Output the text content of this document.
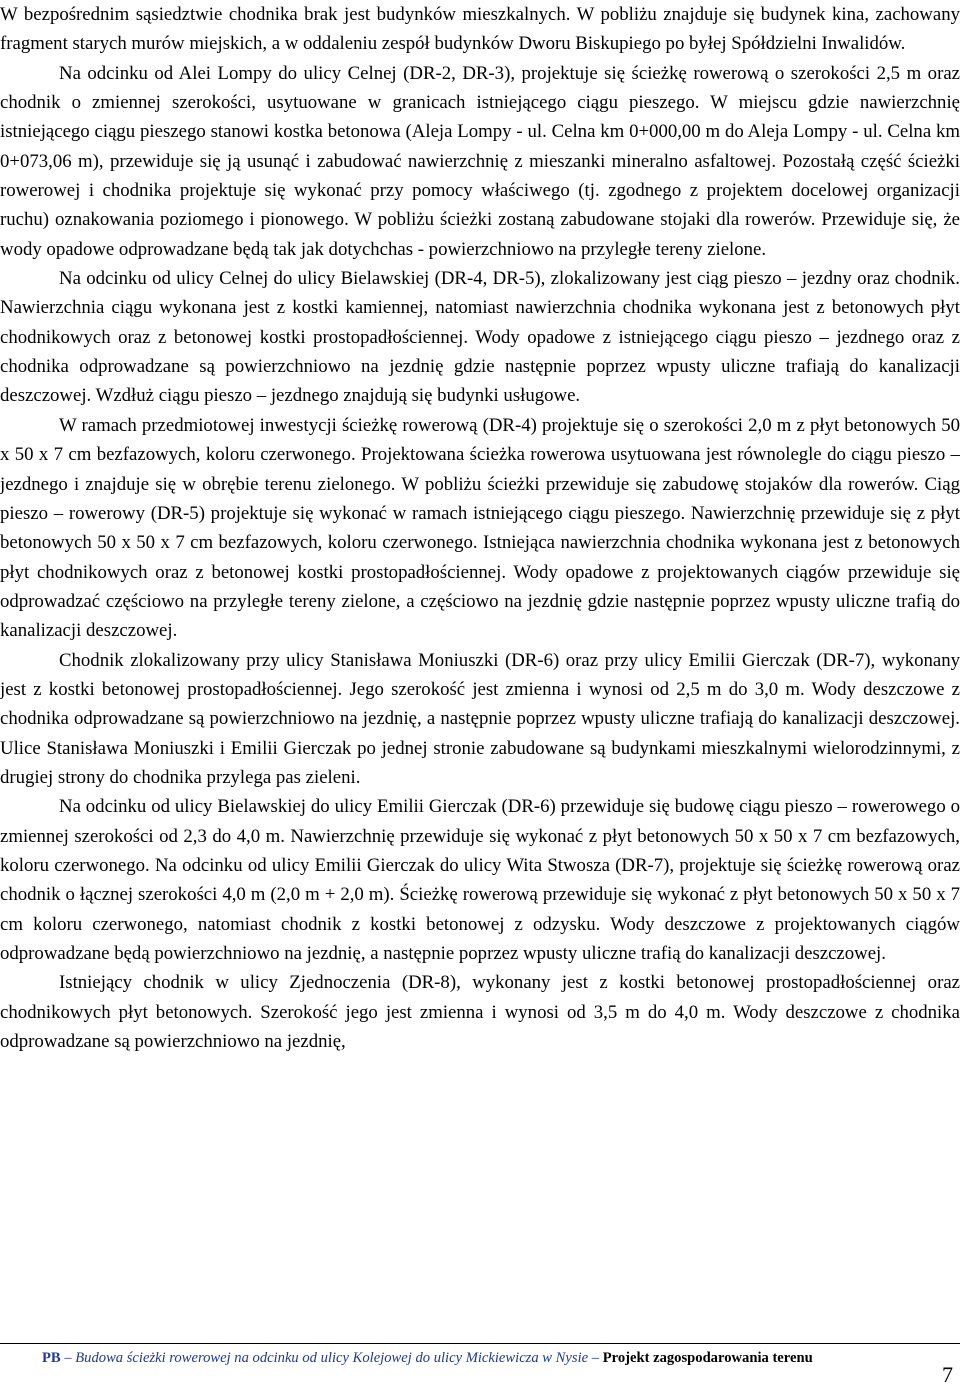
W bezpośrednim sąsiedztwie chodnika brak jest budynków mieszkalnych. W pobliżu znajduje się budynek kina, zachowany fragment starych murów miejskich, a w oddaleniu zespół budynków Dworu Biskupiego po byłej Spółdzielni Inwalidów.

Na odcinku od Alei Lompy do ulicy Celnej (DR-2, DR-3), projektuje się ścieżkę rowerową o szerokości 2,5 m oraz chodnik o zmiennej szerokości, usytuowane w granicach istniejącego ciągu pieszego. W miejscu gdzie nawierzchnię istniejącego ciągu pieszego stanowi kostka betonowa (Aleja Lompy - ul. Celna km 0+000,00 m do Aleja Lompy - ul. Celna km 0+073,06 m), przewiduje się ją usunąć i zabudować nawierzchnię z mieszanki mineralno asfaltowej. Pozostałą część ścieżki rowerowej i chodnika projektuje się wykonać przy pomocy właściwego (tj. zgodnego z projektem docelowej organizacji ruchu) oznakowania poziomego i pionowego. W pobliżu ścieżki zostaną zabudowane stojaki dla rowerów. Przewiduje się, że wody opadowe odprowadzane będą tak jak dotychchas - powierzchniowo na przyległe tereny zielone.

Na odcinku od ulicy Celnej do ulicy Bielawskiej (DR-4, DR-5), zlokalizowany jest ciąg pieszo – jezdny oraz chodnik. Nawierzchnia ciągu wykonana jest z kostki kamiennej, natomiast nawierzchnia chodnika wykonana jest z betonowych płyt chodnikowych oraz z betonowej kostki prostopadłościennej. Wody opadowe z istniejącego ciągu pieszo – jezdnego oraz z chodnika odprowadzane są powierzchniowo na jezdnię gdzie następnie poprzez wpusty uliczne trafiają do kanalizacji deszczowej. Wzdłuż ciągu pieszo – jezdnego znajdują się budynki usługowe.

W ramach przedmiotowej inwestycji ścieżkę rowerową (DR-4) projektuje się o szerokości 2,0 m z płyt betonowych 50 x 50 x 7 cm bezfazowych, koloru czerwonego. Projektowana ścieżka rowerowa usytuowana jest równolegle do ciągu pieszo – jezdnego i znajduje się w obrębie terenu zielonego. W pobliżu ścieżki przewiduje się zabudowę stojaków dla rowerów. Ciąg pieszo – rowerowy (DR-5) projektuje się wykonać w ramach istniejącego ciągu pieszego. Nawierzchnię przewiduje się z płyt betonowych 50 x 50 x 7 cm bezfazowych, koloru czerwonego. Istniejąca nawierzchnia chodnika wykonana jest z betonowych płyt chodnikowych oraz z betonowej kostki prostopadłościennej. Wody opadowe z projektowanych ciągów przewiduje się odprowadzać częściowo na przyległe tereny zielone, a częściowo na jezdnię gdzie następnie poprzez wpusty uliczne trafią do kanalizacji deszczowej.

Chodnik zlokalizowany przy ulicy Stanisława Moniuszki (DR-6) oraz przy ulicy Emilii Gierczak (DR-7), wykonany jest z kostki betonowej prostopadłościennej. Jego szerokość jest zmienna i wynosi od 2,5 m do 3,0 m. Wody deszczowe z chodnika odprowadzane są powierzchniowo na jezdnię, a następnie poprzez wpusty uliczne trafiają do kanalizacji deszczowej. Ulice Stanisława Moniuszki i Emilii Gierczak po jednej stronie zabudowane są budynkami mieszkalnymi wielorodzinnymi, z drugiej strony do chodnika przylega pas zieleni.

Na odcinku od ulicy Bielawskiej do ulicy Emilii Gierczak (DR-6) przewiduje się budowę ciągu pieszo – rowerowego o zmiennej szerokości od 2,3 do 4,0 m. Nawierzchnię przewiduje się wykonać z płyt betonowych 50 x 50 x 7 cm bezfazowych, koloru czerwonego. Na odcinku od ulicy Emilii Gierczak do ulicy Wita Stwosza (DR-7), projektuje się ścieżkę rowerową oraz chodnik o łącznej szerokości 4,0 m (2,0 m + 2,0 m). Ścieżkę rowerową przewiduje się wykonać z płyt betonowych 50 x 50 x 7 cm koloru czerwonego, natomiast chodnik z kostki betonowej z odzysku. Wody deszczowe z projektowanych ciągów odprowadzane będą powierzchniowo na jezdnię, a następnie poprzez wpusty uliczne trafią do kanalizacji deszczowej.

Istniejący chodnik w ulicy Zjednoczenia (DR-8), wykonany jest z kostki betonowej prostopadłościennej oraz chodnikowych płyt betonowych. Szerokość jego jest zmienna i wynosi od 3,5 m do 4,0 m. Wody deszczowe z chodnika odprowadzane są powierzchniowo na jezdnię,

PB – Budowa ścieżki rowerowej na odcinku od ulicy Kolejowej do ulicy Mickiewicza w Nysie – Projekt zagospodarowania terenu
7
